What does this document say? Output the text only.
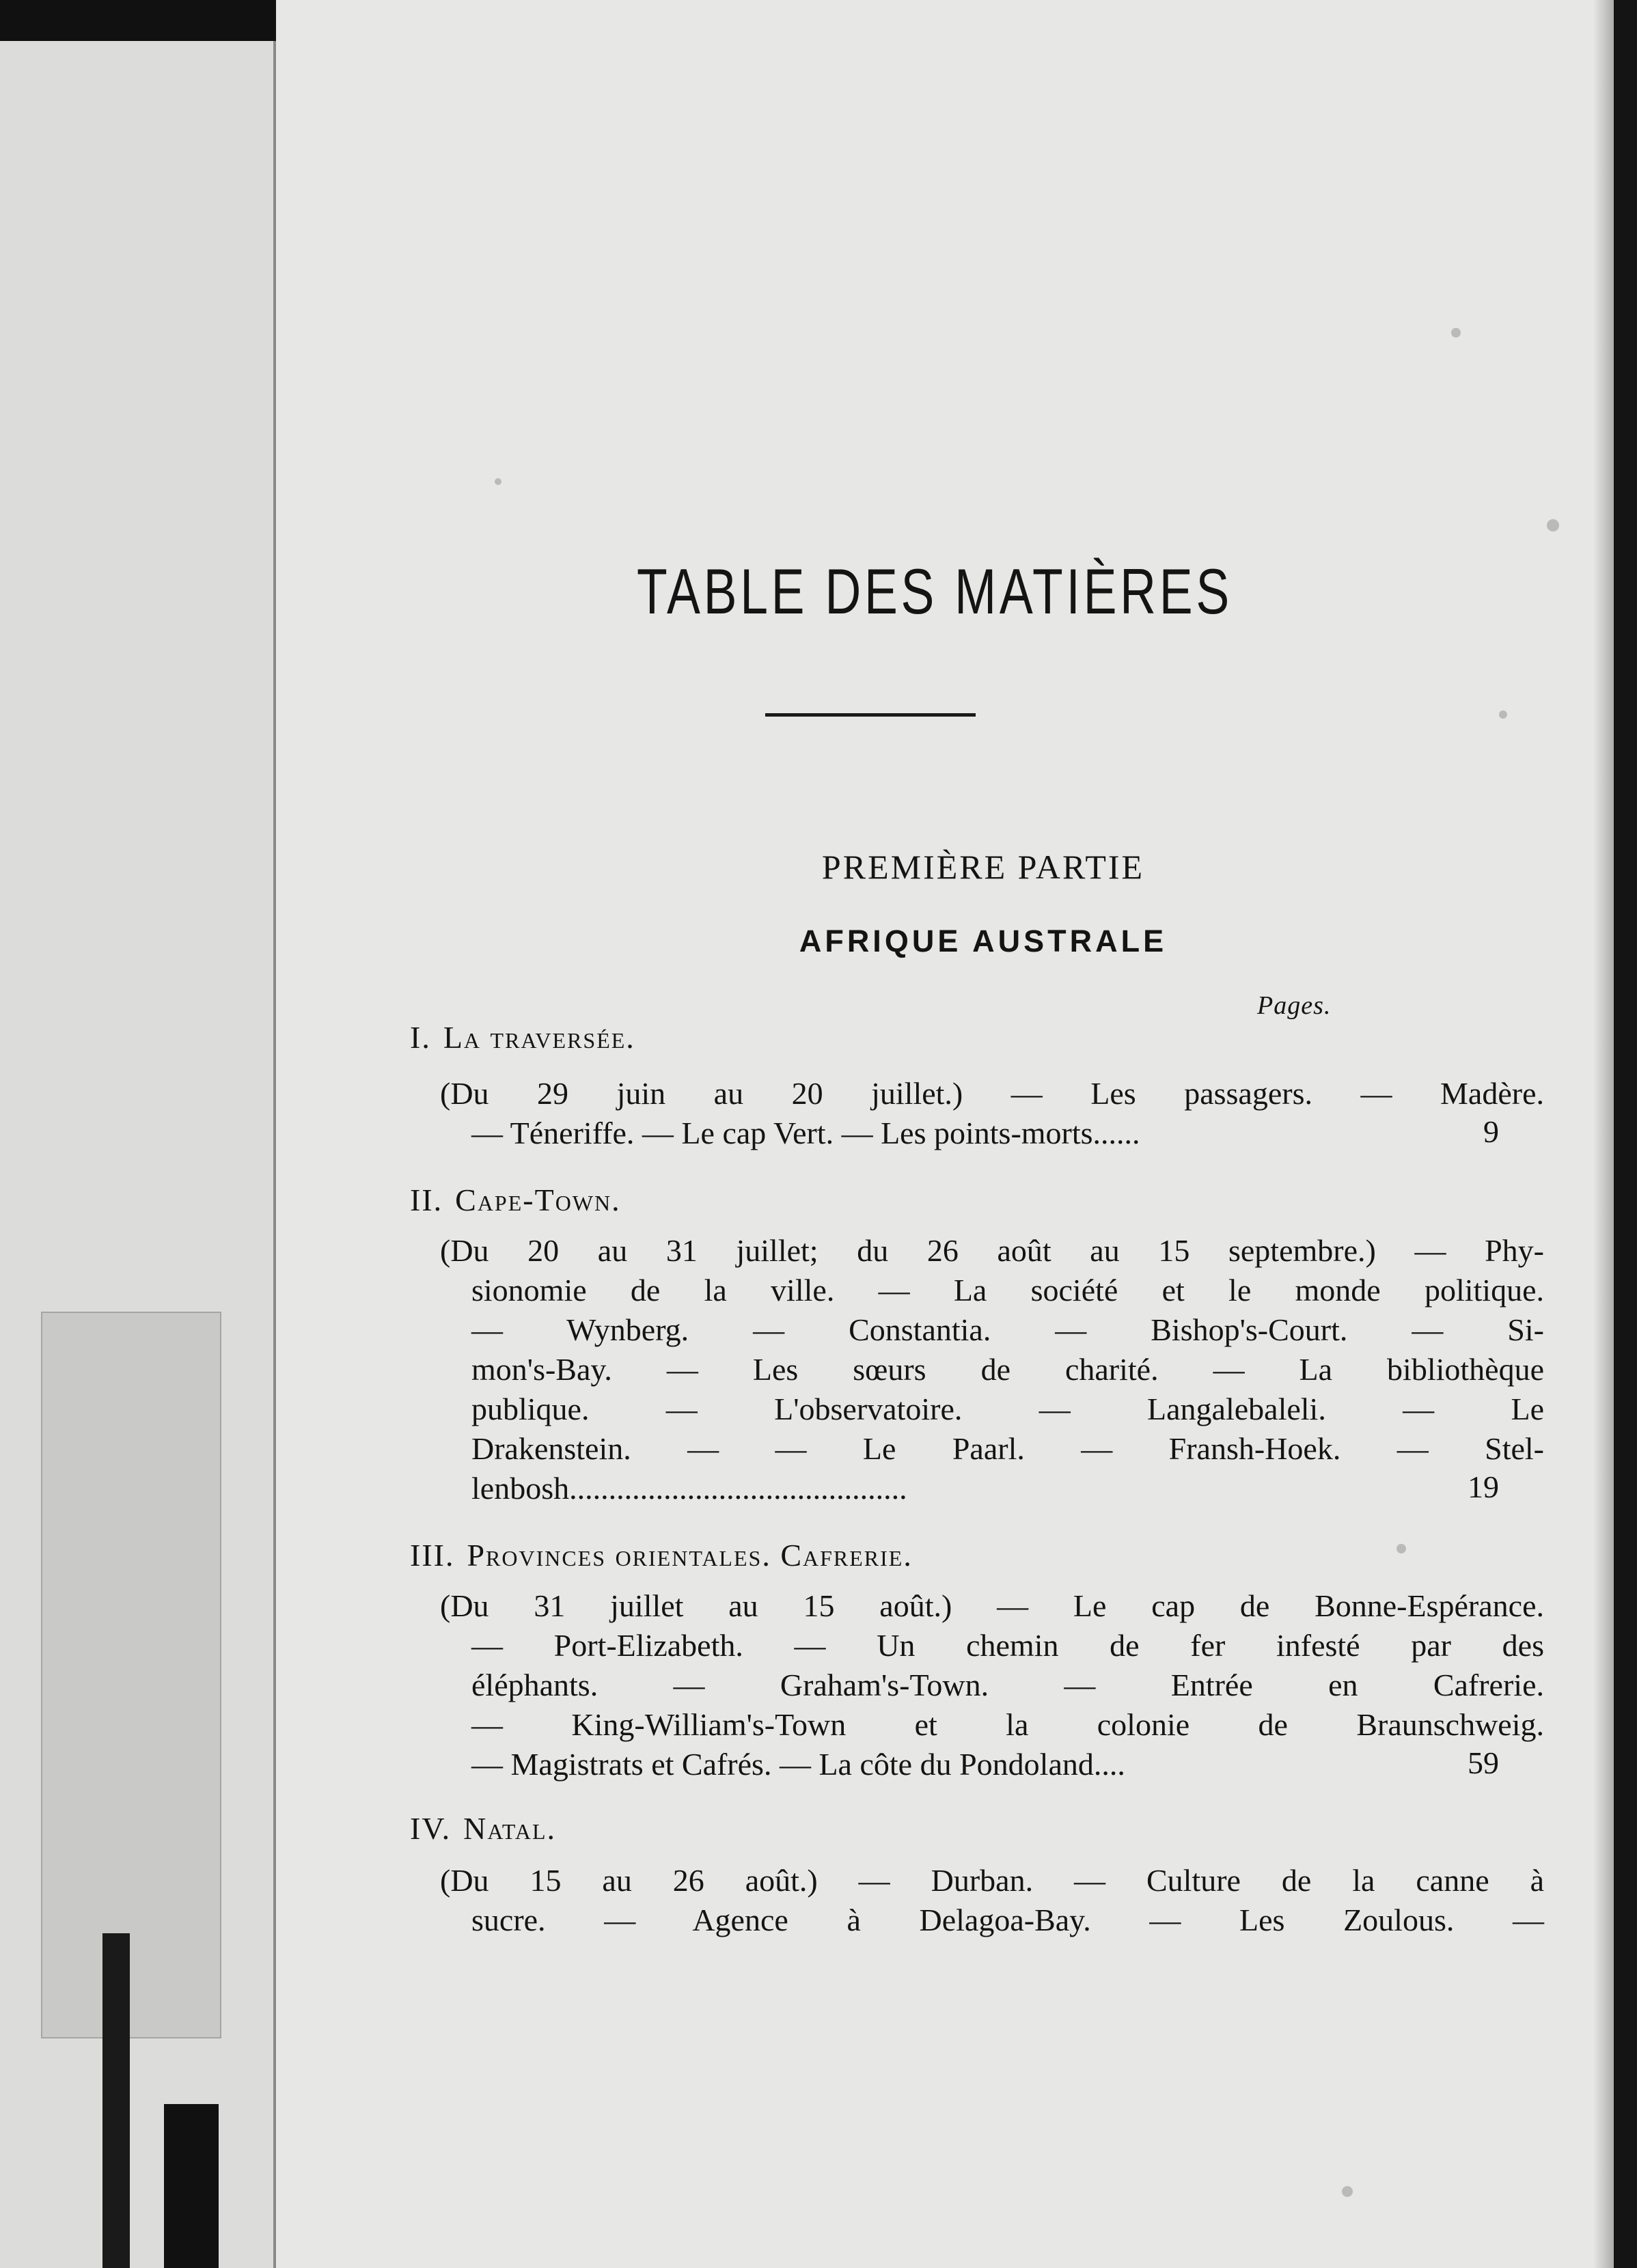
TABLE DES MATIÈRES
PREMIÈRE PARTIE
AFRIQUE AUSTRALE
Pages.
I. La traversée.
(Du 29 juin au 20 juillet.) — Les passagers. — Madère.
— Téneriffe. — Le cap Vert. — Les points-morts......	9
II. Cape-Town.
(Du 20 au 31 juillet; du 26 août au 15 septembre.) — Phy-
sionomie de la ville. — La société et le monde politique.
— Wynberg. — Constantia. — Bishop's-Court. — Si-
mon's-Bay. — Les sœurs de charité. — La bibliothèque
publique. — L'observatoire. — Langalebaleli. — Le
Drakenstein. — — Le Paarl. — Fransh-Hoek. — Stel-
lenbosh...........................................	19
III. Provinces orientales. Cafrerie.
(Du 31 juillet au 15 août.) — Le cap de Bonne-Espérance.
— Port-Elizabeth. — Un chemin de fer infesté par des
éléphants. — Graham's-Town. — Entrée en Cafrerie.
— King-William's-Town et la colonie de Braunschweig.
— Magistrats et Cafrés. — La côte du Pondoland....	59
IV. Natal.
(Du 15 au 26 août.) — Durban. — Culture de la canne à
sucre. — Agence à Delagoa-Bay. — Les Zoulous. —
